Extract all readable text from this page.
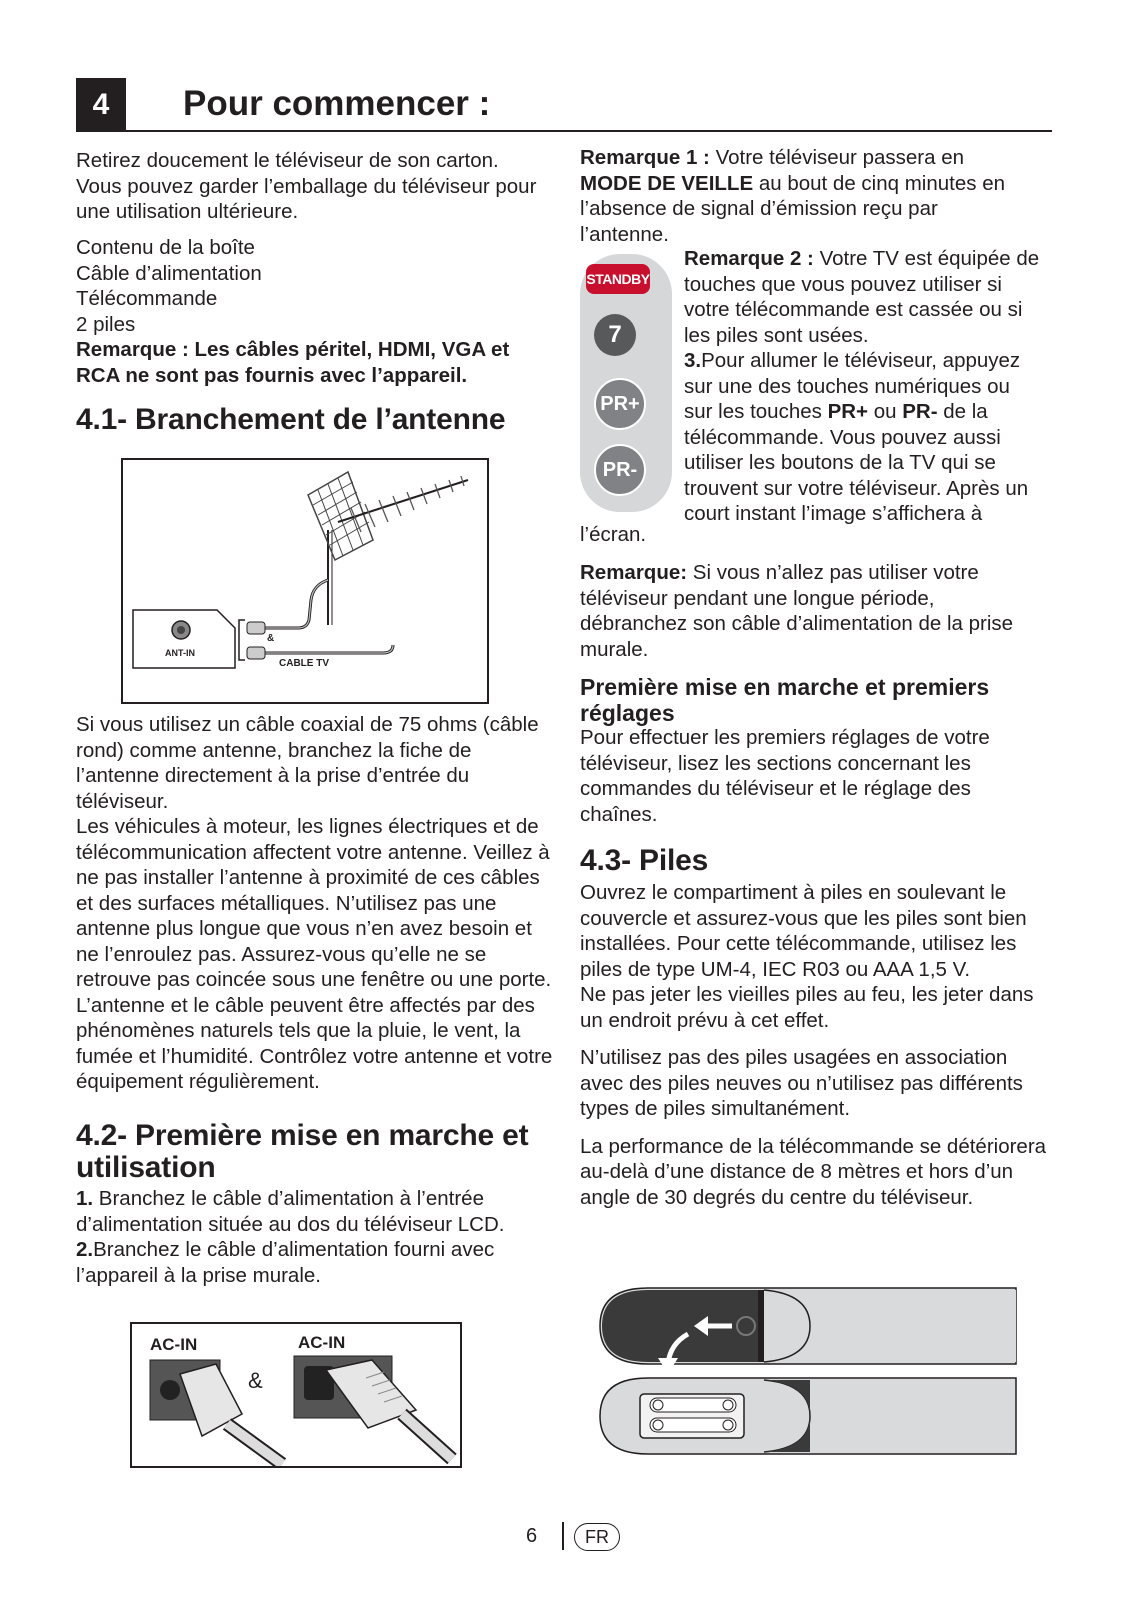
4	Pour commencer :

Retirez doucement le téléviseur de son carton. Vous pouvez garder l’emballage du téléviseur pour une utilisation ultérieure.

Contenu de la boîte

Câble d’alimentation

Télécommande

2 piles

Remarque : Les câbles péritel, HDMI, VGA et RCA ne sont pas fournis avec l’appareil.

4.1- Branchement de l’antenne
&
ANT-IN
CABLE TV

Si vous utilisez un câble coaxial de 75 ohms (câble rond) comme antenne, branchez la fiche de l’antenne directement à la prise d’entrée du téléviseur.

Les véhicules à moteur, les lignes électriques et de télécommunication affectent votre antenne. Veillez à ne pas installer l’antenne à proximité de ces câbles et des surfaces métalliques. N’utilisez pas une antenne plus longue que vous n’en avez besoin et ne l’enroulez pas. Assurez-vous qu’elle ne se retrouve pas coincée sous une fenêtre ou une porte. L’antenne et le câble peuvent être affectés par des phénomènes naturels tels que la pluie, le vent, la fumée et l’humidité. Contrôlez votre antenne et votre équipement régulièrement.

4.2- Première mise en marche et utilisation

1. Branchez le câble d’alimentation à l’entrée d’alimentation située au dos du téléviseur LCD.

2.Branchez le câble d’alimentation fourni avec l’appareil à la prise murale.

AC-IN	AC-IN
&

Remarque 1 : Votre téléviseur passera en MODE DE VEILLE au bout de cinq minutes en l’absence de signal d’émission reçu par l’antenne.

STANDBY
7
PR+
PR-

Remarque 2 : Votre TV est équipée de touches que vous pouvez utiliser si votre télécommande est cassée ou si les piles sont usées.

3.Pour allumer le téléviseur, appuyez sur une des touches numériques ou sur les touches PR+ ou PR- de la télécommande. Vous pouvez aussi utiliser les boutons de la TV qui se trouvent sur votre téléviseur. Après un court instant l’image s’affichera à

l’écran.

Remarque: Si vous n’allez pas utiliser votre téléviseur pendant une longue période, débranchez son câble d’alimentation de la prise murale.

Première mise en marche et premiers réglages

Pour effectuer les premiers réglages de votre téléviseur, lisez les sections concernant les commandes du téléviseur et le réglage des chaînes.

4.3- Piles

Ouvrez le compartiment à piles en soulevant le couvercle et assurez-vous que les piles sont bien installées. Pour cette télécommande, utilisez les piles de type UM-4, IEC R03 ou AAA 1,5 V.

Ne pas jeter les vieilles piles au feu, les jeter dans un endroit prévu à cet effet.

N’utilisez pas des piles usagées en association avec des piles neuves ou n’utilisez pas différents types de piles simultanément.

La performance de la télécommande se détériorera au-delà d’une distance de 8 mètres et hors d’un angle de 30 degrés du centre du téléviseur.

6	FR
